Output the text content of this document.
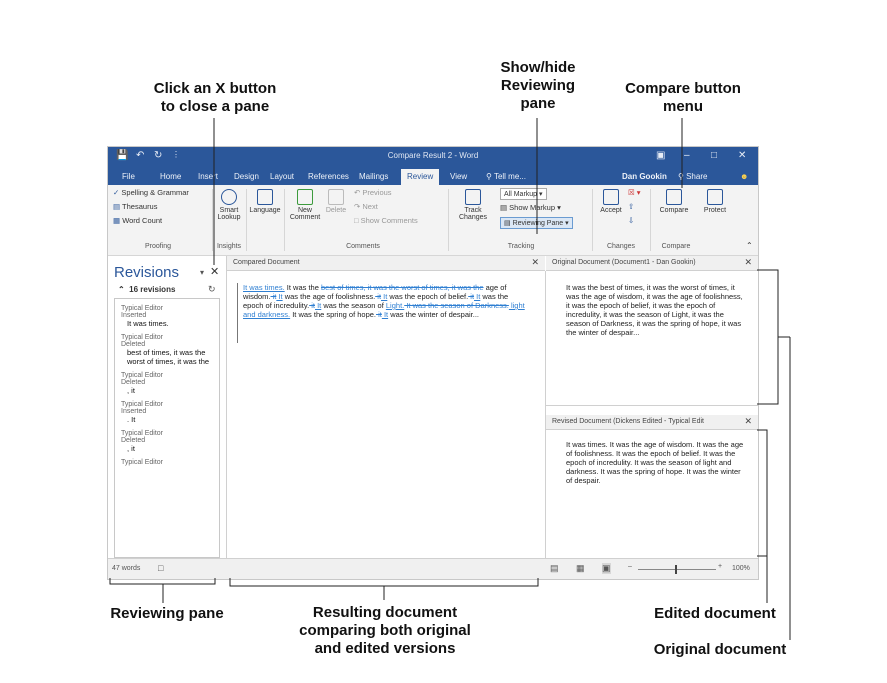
Click an X button
to close a pane
Show/hide
Reviewing
pane
Compare button
menu
Reviewing pane	Resulting document
comparing both original
and edited versions
Edited document
Original document
💾 ↶ ↻ ⋮	Compare Result 2 - Word	▣ – □ ✕
File	Home Insert Design Layout References Mailings	Review	View ⚲ Tell me...	Dan Gookin ⚲ Share	☻
✓ Spelling & Grammar
▤ Thesaurus
▦ Word Count
Proofing
Smart
Lookup
Insights
Language	New
Comment
Delete
↶ Previous
↷ Next
□ Show Comments
Comments
Track
Changes
All Markup ▾
▤ Show Markup ▾
▤ Reviewing Pane ▾
Tracking
Accept
☒ ▾
⇧
⇩
Changes
Compare	Protect
Compare	⌃
Revisions	▾ ✕
⌃ 16 revisions	↻
Typical Editor
Inserted
It was times.
Typical Editor
Deleted
best of times, it was the worst of times, it was the
Typical Editor
Deleted
, it
Typical Editor
Inserted
. It
Typical Editor
Deleted
, it
Typical Editor
Compared Document	✕
It was times. It was the best of times, it was the worst of times, it was the age of wisdom. it It was the age of foolishness. it It was the epoch of belief. it It was the epoch of incredulity. it It was the season of Light. It was the season of Darkness. light and darkness. It was the spring of hope. it It was the winter of despair...
Original Document (Document1 - Dan Gookin)	✕
It was the best of times, it was the worst of times, it was the age of wisdom, it was the age of foolishness, it was the epoch of belief, it was the epoch of incredulity, it was the season of Light, it was the season of Darkness, it was the spring of hope, it was the winter of despair...
Revised Document (Dickens Edited - Typical Edit	✕
It was times. It was the age of wisdom. It was the age of foolishness. It was the epoch of belief. It was the epoch of incredulity. It was the season of light and darkness. It was the spring of hope. It was the winter of despair.
47 words □	▤ ▦ ▣ –	+ 100%
